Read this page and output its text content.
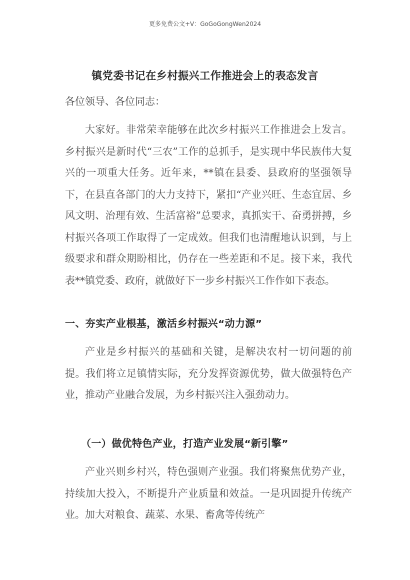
更多免费公文+V：GoGoGongWen2024
镇党委书记在乡村振兴工作推进会上的表态发言
各位领导、各位同志：
大家好。非常荣幸能够在此次乡村振兴工作推进会上发言。乡村振兴是新时代“三农”工作的总抓手，是实现中华民族伟大复兴的一项重大任务。近年来，**镇在县委、县政府的坚强领导下，在县直各部门的大力支持下，紧扣“产业兴旺、生态宜居、乡风文明、治理有效、生活富裕”总要求，真抓实干、奋勇拼搏，乡村振兴各项工作取得了一定成效。但我们也清醒地认识到，与上级要求和群众期盼相比，仍存在一些差距和不足。接下来，我代表**镇党委、政府，就做好下一步乡村振兴工作作如下表态。
一、夯实产业根基，激活乡村振兴“动力源”
产业是乡村振兴的基础和关键，是解决农村一切问题的前提。我们将立足镇情实际，充分发挥资源优势，做大做强特色产业，推动产业融合发展，为乡村振兴注入强劲动力。
（一）做优特色产业，打造产业发展“新引擎”
产业兴则乡村兴，特色强则产业强。我们将聚焦优势产业，持续加大投入，不断提升产业质量和效益。一是巩固提升传统产业。加大对粮食、蔬菜、水果、畜禽等传统产
